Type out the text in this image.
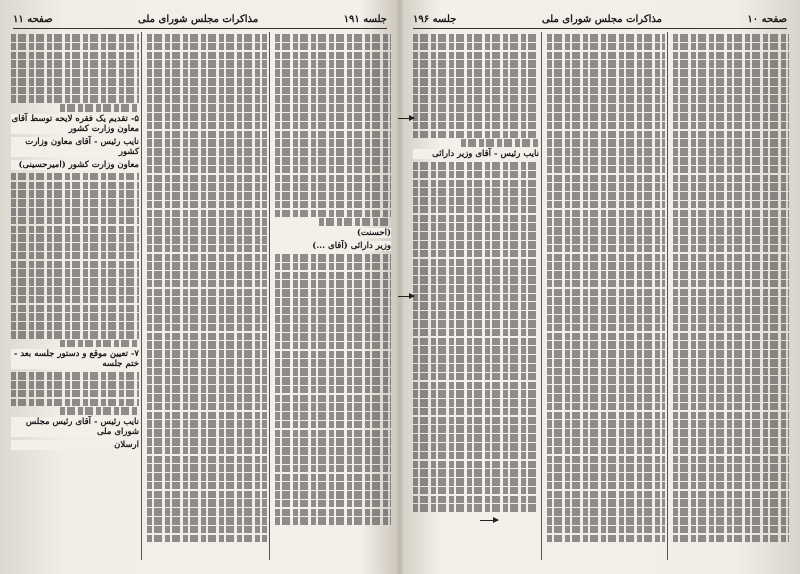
صفحه ۱۰
مذاکرات مجلس شورای ملی
جلسه ۱۹۶
نایب رئیس - آقای وزیر دارائی
جلسه ۱۹۱
مذاکرات مجلس شورای ملی
صفحه ۱۱
(احسنت)
وزیر دارائی (آقای ...)
۵- تقدیم یک فقره لایحه توسط آقای معاون وزارت کشور
نایب رئیس - آقای معاون وزارت کشور
معاون وزارت کشور (امیرحسینی)
۷- تعیین موقع و دستور جلسه بعد - ختم جلسه
نایب رئیس - آقای رئیس مجلس شورای ملی
ارسلان
